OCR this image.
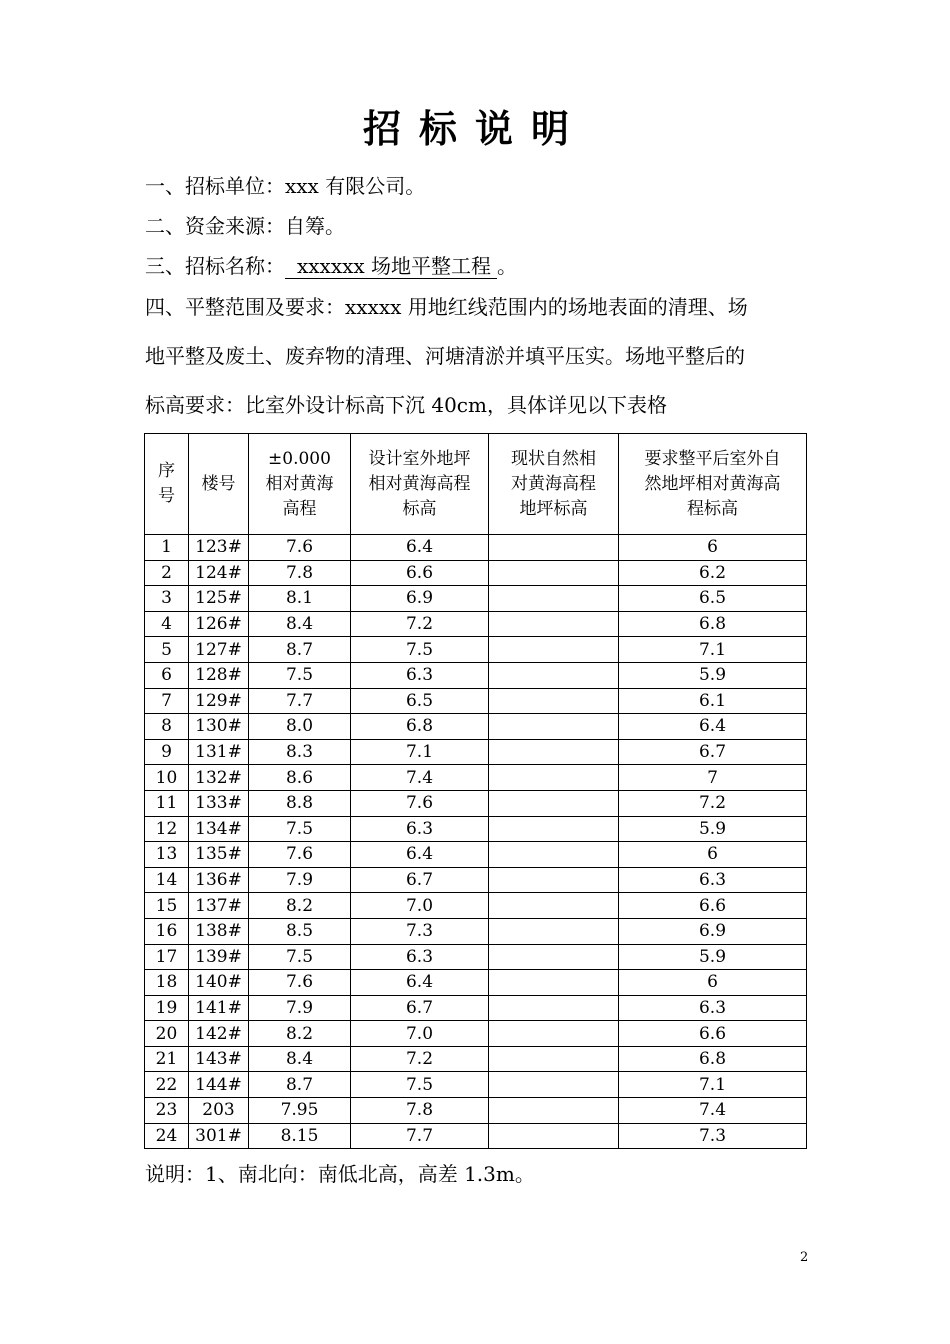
招标说明
一、招标单位：xxx 有限公司。
二、资金来源：自筹。
三、招标名称： xxxxxx 场地平整工程 。
四、平整范围及要求：xxxxx 用地红线范围内的场地表面的清理、场
地平整及废土、废弃物的清理、河塘清淤并填平压实。场地平整后的
标高要求：比室外设计标高下沉 40cm，具体详见以下表格
序
号	楼号	±0.000
相对黄海
高程	设计室外地坪
相对黄海高程
标高	现状自然相
对黄海高程
地坪标高	要求整平后室外自
然地坪相对黄海高
程标高
1	123#	7.6	6.4		6
2	124#	7.8	6.6		6.2
3	125#	8.1	6.9		6.5
4	126#	8.4	7.2		6.8
5	127#	8.7	7.5		7.1
6	128#	7.5	6.3		5.9
7	129#	7.7	6.5		6.1
8	130#	8.0	6.8		6.4
9	131#	8.3	7.1		6.7
10	132#	8.6	7.4		7
11	133#	8.8	7.6		7.2
12	134#	7.5	6.3		5.9
13	135#	7.6	6.4		6
14	136#	7.9	6.7		6.3
15	137#	8.2	7.0		6.6
16	138#	8.5	7.3		6.9
17	139#	7.5	6.3		5.9
18	140#	7.6	6.4		6
19	141#	7.9	6.7		6.3
20	142#	8.2	7.0		6.6
21	143#	8.4	7.2		6.8
22	144#	8.7	7.5		7.1
23	203	7.95	7.8		7.4
24	301#	8.15	7.7		7.3
说明：1、南北向：南低北高，高差 1.3m。
2
